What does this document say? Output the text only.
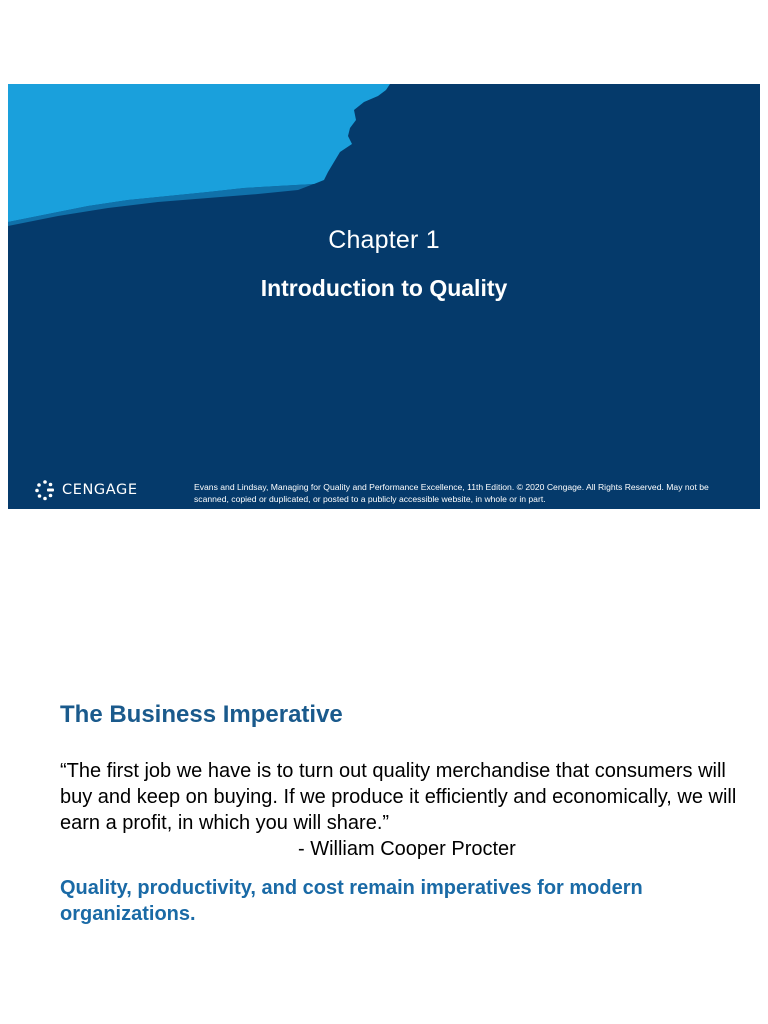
Chapter 1
Introduction to Quality
CENGAGE	Evans and Lindsay, Managing for Quality and Performance Excellence, 11th Edition. © 2020 Cengage. All Rights Reserved. May not be scanned, copied or duplicated, or posted to a publicly accessible website, in whole or in part.
The Business Imperative
“The first job we have is to turn out quality merchandise that consumers will buy and keep on buying. If we produce it efficiently and economically, we will earn a profit, in which you will share.”
- William Cooper Procter
Quality, productivity, and cost remain imperatives for modern organizations.
